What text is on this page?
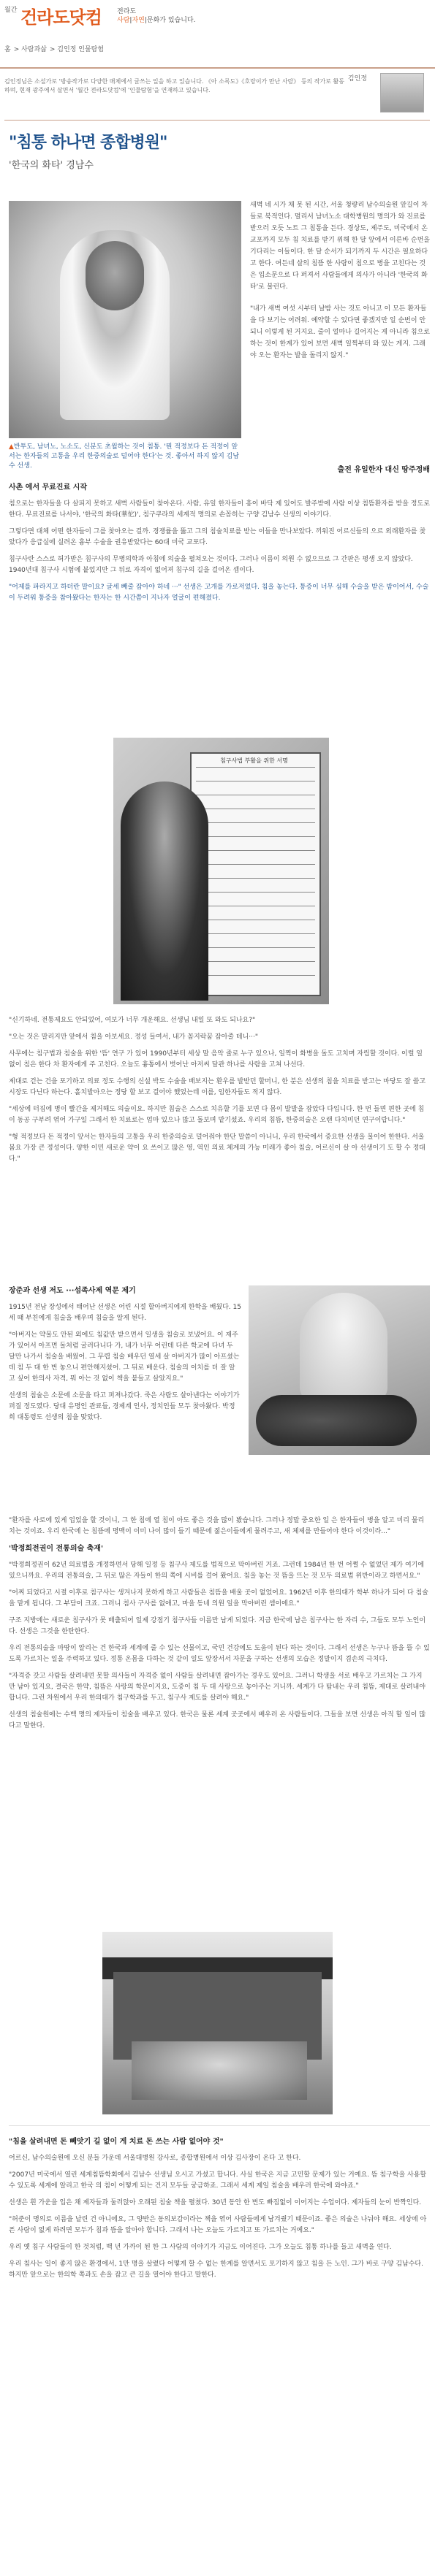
월간 건라도닷컴 전라도
사람|자연|문화가 있습니다.
홈 > 사람과삶 > 김인정 인물탐험
김인정님은 소설가로 '방송작가로 다양한 매체에서 글쓰는 일을 하고 있습니다. 《아 소록도》《호랑이가 만난 사람》 등의 작가로 활동하며, 현재 광주에서 살면서 '월간 전라도닷컴'에 '인물탐험'을 연재하고 있습니다.
김인정
"침통 하나면 종합병원"
'한국의 화타' 경남수
▲반투도, 남녀노, 노소도, 신분도 초월하는 것이 침통. '뭔 적정보다 돈 적정이 앞서는 한자들의 고통을 우리 한중의술로 덜어야 한다'는 것. 좋아서 하지 않지 김남수 선생.

새벽 네 시가 채 못 된 시간, 서울 청량리 남수의술원 앞길이 차들로 북적인다. 멀리서 남녀노소 대학병원의 명의가 와 진료를 받으러 오듯 노트 그 침통을 든다. 경상도, 제주도, 미국에서 온 교포까지 모두 침 치료를 받기 위해 한 달 앞에서 이른바 순번을 기다리는 이들이다. 한 달 순서가 되기까지 두 시간은 필요하다고 한다. 여든네 살의 침뜸 한 사람이 침으로 병을 고친다는 것은 입소문으로 다 퍼져서 사람들에게 의사가 아니라 '한국의 화타'로 불린다.

"내가 새벽 여섯 시부터 날밤 사는 것도 아니고 이 모든 환자들을 다 보기는 어려워. 예약할 수 있다면 좋겠지만 일 순번이 안 되니 이렇게 된 거지요. 줄이 얼마나 길어지는 게 아니라 침으로 하는 것이 한계가 있어 보면 새벽 일찍부터 와 있는 게지. 그래야 오는 환자는 발을 돌리지 않지."

출전 유일한자 대신 땅주정배

사촌 에서 무료진료 시작

침으로는 한자들을 다 살피지 못하고 새벽 사람들이 찾아온다. 사람, 유일 한자들이 흥이 바닥 제 있어도 발주받에 사람 이상 침뜸환자를 받을 정도로 한다. 무료진료를 나서야, '한국의 화타(華佗)', 침구쿠라의 세계적 명의로 손꼽히는 구양 김남수 선생의 이야기다.

그렇다면 대체 어떤 한자들이 그를 찾아오는 걸까. 경쟁률을 뚫고 그의 침술치료를 받는 이들을 만나보았다. 끼워진 어르신들의 으르 외래환자를 찾았다가 응급실에 실려온 흉부 수술을 권유받았다는 60대 미국 교포다.

침구사란 스스로 허가받은 침구사의 무병의학과 아침에 의술을 펼쳐오는 것이다. 그러나 이름이 의원 수 없으므로 그 간판은 평생 오지 않았다. 1940년대 침구사 시험에 붙었지만 그 뒤로 자격이 없어져 침구의 길을 걸어온 셈이다.

"어제를 파라지고 하더란 말이요? 글세 빼줄 잡아야 하네 ···" 선생은 고개를 가로저었다. 침을 놓는다. 통증이 너무 심해 수술을 받은 밤이어서, 수술이 두려워 통증을 참아왔다는 한자는 한 시간쯤이 지나자 얼굴이 편해졌다.

침구사법 부활을 위한 서명

"신기하네. 전통제요도 안되었어, 여보가 너무 개운해요. 선생님 내일 또 와도 되나요?"

"오는 것은 말리지만 앞에서 침을 아보세요. 정성 들여서, 내가 꼼지락꿈 잡아줄 테니···"

사무에는 침구법과 침술을 위한 '뜸' 연구 가 있어 1990년부터 세상 말 음악 줄로 누구 있으나, 일찍이 화병을 돌도 고치며 자립할 것이다. 이럴 일 없이 침은 한다 차 환자에게 주 고친다. 오늘도 흉통에서 벗어난 아저씨 달관 하나를 사람을 고쳐 나선다.

제대로 걷는 건을 포기하고 의료 정도 수행의 신설 박도 수술을 배보지는 환우를 발받던 할머니, 한 분은 선생의 침을 치료를 받고는 마당도 잘 쓸고 시장도 다닌다 하는다. 홀치발아으는 정당 할 보고 걸어야 했었는데 이를, 임한자들도 적지 않다.

"세상에 터짐에 병이 빨간을 제거해도 의술이요. 하지만 침술은 스스로 치유할 기를 보면 다 몸이 발발을 잡았다 다입니다. 한 번 들면 편한 곳에 침이 동공 구부려 엮어 가구일 그래서 한 치료로는 엄마 있으나 많고 돌보며 맡기셨죠. 우리의 침뜸, 한중의술은 오랜 다치미던 연구이랍니다."

"형 적정보다 돈 적정이 앞서는 한자들의 고통을 우리 한중의술로 덜어줘야 한단 말씀이 아니니, 우리 한국에서 중요한 선생을 물이어 한한다. 서울 봄요 가장 큰 정성이다. 양한 이민 새로운 약이 요 쓰이고 많은 영, 역인 의료 체계의 가능 미래가 좋아 침술, 어르신이 살 아 선생이기 도 할 수 정대다."

장준과 선생 저도 ···섬족사제 역문 제기

1915년 전남 장성에서 태어난 선생은 어린 시절 할아버지에게 한학을 배웠다. 15세 때 부친에게 침술을 배우며 침술을 알게 된다.

"아버지는 약물도 안된 외에도 침값만 받으면서 일생을 침술로 보냈어요. 이 재주가 있어서 아프면 돌처럼 굴러다니다 가, 내가 너무 어린데 다른 학교에 다녀 두 달만 나가서 침술을 배웠어. 그 무렵 침술 배우던 열세 살 아버지가 많이 아프셨는데 침 두 대 한 번 놓으니 편안해지셨어. 그 뒤로 배운다. 침술의 이치를 더 잘 알고 싶어 한의사 자격, 뭐 아는 것 없이 책을 붙들고 살았지요."

선생의 침술은 소문에 소문을 타고 퍼져나갔다. 죽은 사람도 살아낸다는 이야기가 퍼질 정도였다. 당대 유명인 관료들, 경제계 인사, 정치인들 모두 찾아왔다. 박정희 대통령도 선생의 침을 맞았다.

"환자를 사로에 있게 업었을 할 것이니, 그 한 침에 열 침이 아도 좋은 것을 많이 봤습니다. 그러나 정말 중요한 일 은 한자들이 병을 알고 미리 물리치는 것이죠. 우리 한국에 는 침뜸에 명맥이 이미 나이 많이 들기 때문에 젊은이들에게 물려주고, 새 체제를 만들어야 한다 이것이라..."

'박정희전권이 전통의술 축재'

"박정희정권이 62년 의료법을 개정하면서 당해 일정 등 침구사 제도를 법적으로 막아버린 거죠. 그런데 1984년 한 번 어쩔 수 없었던 제가 여기에 있으니까요. 우리의 전통의술, 그 뒤로 많은 자들이 한의 쪽에 시비를 걸어 왔어요. 침을 놓는 것 뜸을 뜨는 것 모두 의료법 위반이라고 하면서요."

"어찌 되었다고 시절 이후로 침구사는 생겨나지 못하게 하고 사람들은 침뜸을 배울 곳이 없었어요. 1962년 이후 한의대가 학부 하나가 되어 다 침술을 맡게 됩니다. 그 부담이 크죠. 그러니 침사 구사를 없애고, 마을 동네 의원 일을 막아버린 셈이에요."

구조 지방에는 새로운 침구사가 못 배출되어 일제 강점기 침구사들 이름만 남게 되었다. 지금 한국에 남은 침구사는 한 자리 수, 그들도 모두 노인이다. 선생은 그것을 한탄한다.

우리 전통의술을 마땅이 알리는 건 한국과 세계에 줄 수 있는 선물이고, 국민 건강에도 도움이 된다 하는 것이다. 그래서 선생은 누구나 뜸을 뜰 수 있도록 가르치는 일을 주력하고 있다. 정통 온몸을 다하는 것 같이 일도 앞장서서 자문을 구하는 선생의 모습은 정말이지 겸손의 극치다.

"자격증 갖고 사람들 살려내면 못할 의사들이 자격증 없이 사람들 살려내면 잡아가는 경우도 있어요. 그러니 학생을 서로 배우고 가르치는 그 가지 만 남아 있지요, 결국은 한약, 침뜸은 사랑의 학문이지요, 도중이 침 두 대 사랑으로 놓아주는 거니까. 세계가 다 탐내는 우리 침뜸, 제대로 살려내야 합니다. 그런 차원에서 우리 한의대가 침구학과를 두고, 침구사 제도를 살려야 해요."

선생의 침술원에는 수백 명의 제자들이 침술을 배우고 있다. 한국은 물론 세계 곳곳에서 배우러 온 사람들이다. 그들을 보면 선생은 아직 할 일이 많다고 말한다.

"침을 살려내면 돈 빼앗기 길 없이 게 치료 돈 쓰는 사람 없어야 것"

어르신, 남수의술원에 오신 분들 가운데 서울대병원 강사로, 종합병원에서 이상 김사장이 온다 고 한다.

"2007년 미국에서 열린 세계침뜸학회에서 김남수 선생님 오시고 가셨고 합니다. 사실 한국은 지금 고민할 문제가 있는 거예요. 뜸 침구학을 사용할 수 있도록 세계에 알리고 한국 의 침이 어떻게 되는 건지 모두들 궁금하죠. 그래서 세계 제일 침술을 배우러 한국에 와야죠."

선생은 흰 가운을 입은 채 제자들과 둘러앉아 오래된 침술 책을 펼쳤다. 30년 동안 한 번도 빠짐없이 이어지는 수업이다. 제자들의 눈이 반짝인다.

"허준이 명의로 이름을 날린 건 아니에요, 그 양반은 동의보감이라는 책을 엮어 사람들에게 남겨줬기 때문이죠. 좋은 의술은 나눠야 해요. 세상에 아픈 사람이 없게 하려면 모두가 침과 뜸을 알아야 합니다. 그래서 나는 오늘도 가르치고 또 가르치는 거예요."

우리 옛 침구 사람들이 한 것처럼, 백 년 가까이 된 한 그 사람의 이야기가 지금도 이어진다. 그가 오늘도 침통 하나를 들고 새벽을 연다.

우리 침사는 일이 좋지 않은 환경에서, 1만 명을 살렸다 어떻게 할 수 없는 한계를 알면서도 포기하지 않고 침을 든 노인. 그가 바로 구양 김남수다. 하지만 앞으로는 한의학 쪽과도 손을 잡고 큰 길을 열어야 한다고 말한다.
